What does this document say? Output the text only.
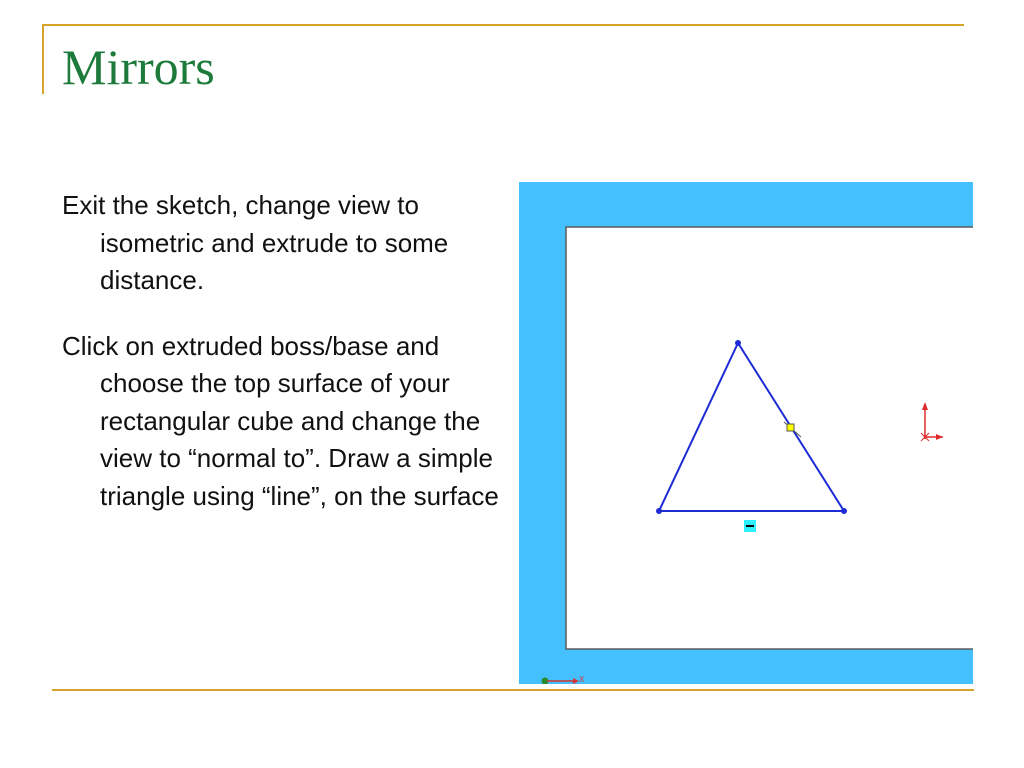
Mirrors

Exit the sketch, change view to isometric and extrude to some distance.

Click on extruded boss/base and choose the top surface of your rectangular cube and change the view to “normal to”. Draw a simple triangle using “line”, on the surface

X
